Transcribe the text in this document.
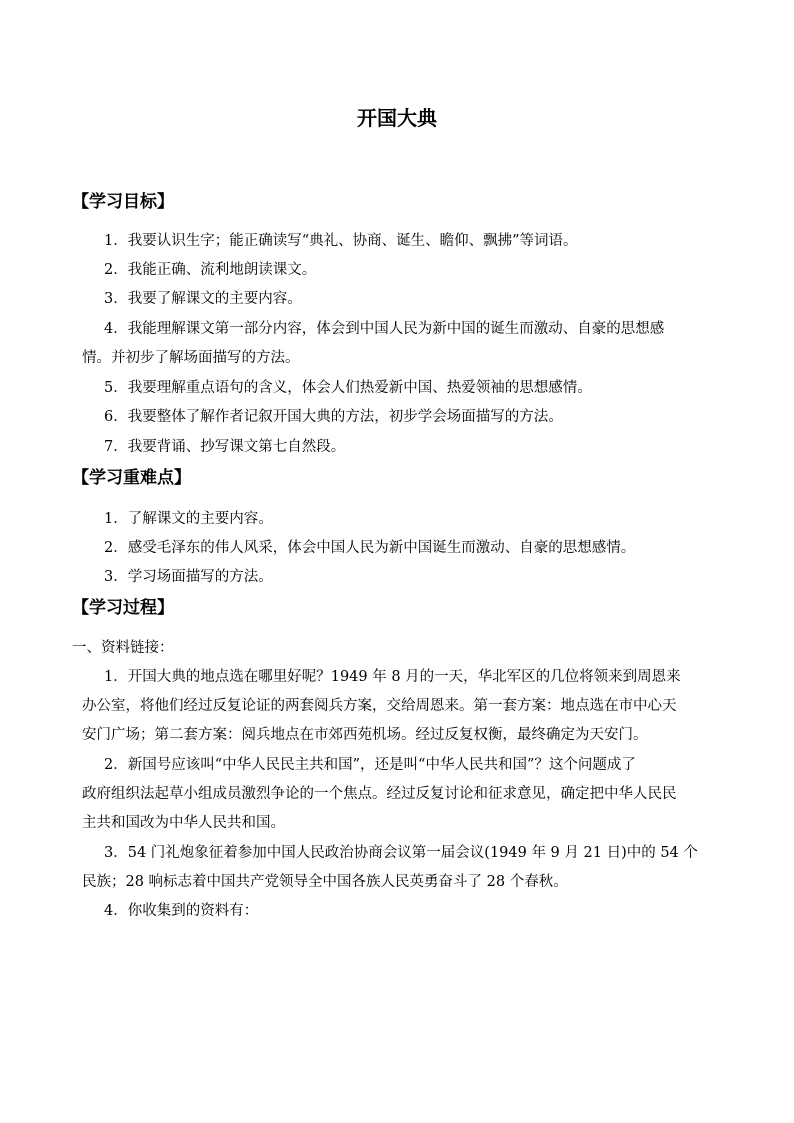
开国大典
【学习目标】
1．我要认识生字；能正确读写“典礼、协商、诞生、瞻仰、飘拂”等词语。
2．我能正确、流利地朗读课文。
3．我要了解课文的主要内容。
4．我能理解课文第一部分内容，体会到中国人民为新中国的诞生而激动、自豪的思想感
情。并初步了解场面描写的方法。
5．我要理解重点语句的含义，体会人们热爱新中国、热爱领袖的思想感情。
6．我要整体了解作者记叙开国大典的方法，初步学会场面描写的方法。
7．我要背诵、抄写课文第七自然段。
【学习重难点】
1．了解课文的主要内容。
2．感受毛泽东的伟人风采，体会中国人民为新中国诞生而激动、自豪的思想感情。
3．学习场面描写的方法。
【学习过程】
一、资料链接：
1．开国大典的地点选在哪里好呢？1949 年 8 月的一天，华北军区的几位将领来到周恩来
办公室，将他们经过反复论证的两套阅兵方案，交给周恩来。第一套方案：地点选在市中心天
安门广场；第二套方案：阅兵地点在市郊西苑机场。经过反复权衡，最终确定为天安门。
2．新国号应该叫“中华人民民主共和国”，还是叫“中华人民共和国”？这个问题成了
政府组织法起草小组成员激烈争论的一个焦点。经过反复讨论和征求意见，确定把中华人民民
主共和国改为中华人民共和国。
3．54 门礼炮象征着参加中国人民政治协商会议第一届会议(1949 年 9 月 21 日)中的 54 个
民族；28 响标志着中国共产党领导全中国各族人民英勇奋斗了 28 个春秋。
4．你收集到的资料有：
